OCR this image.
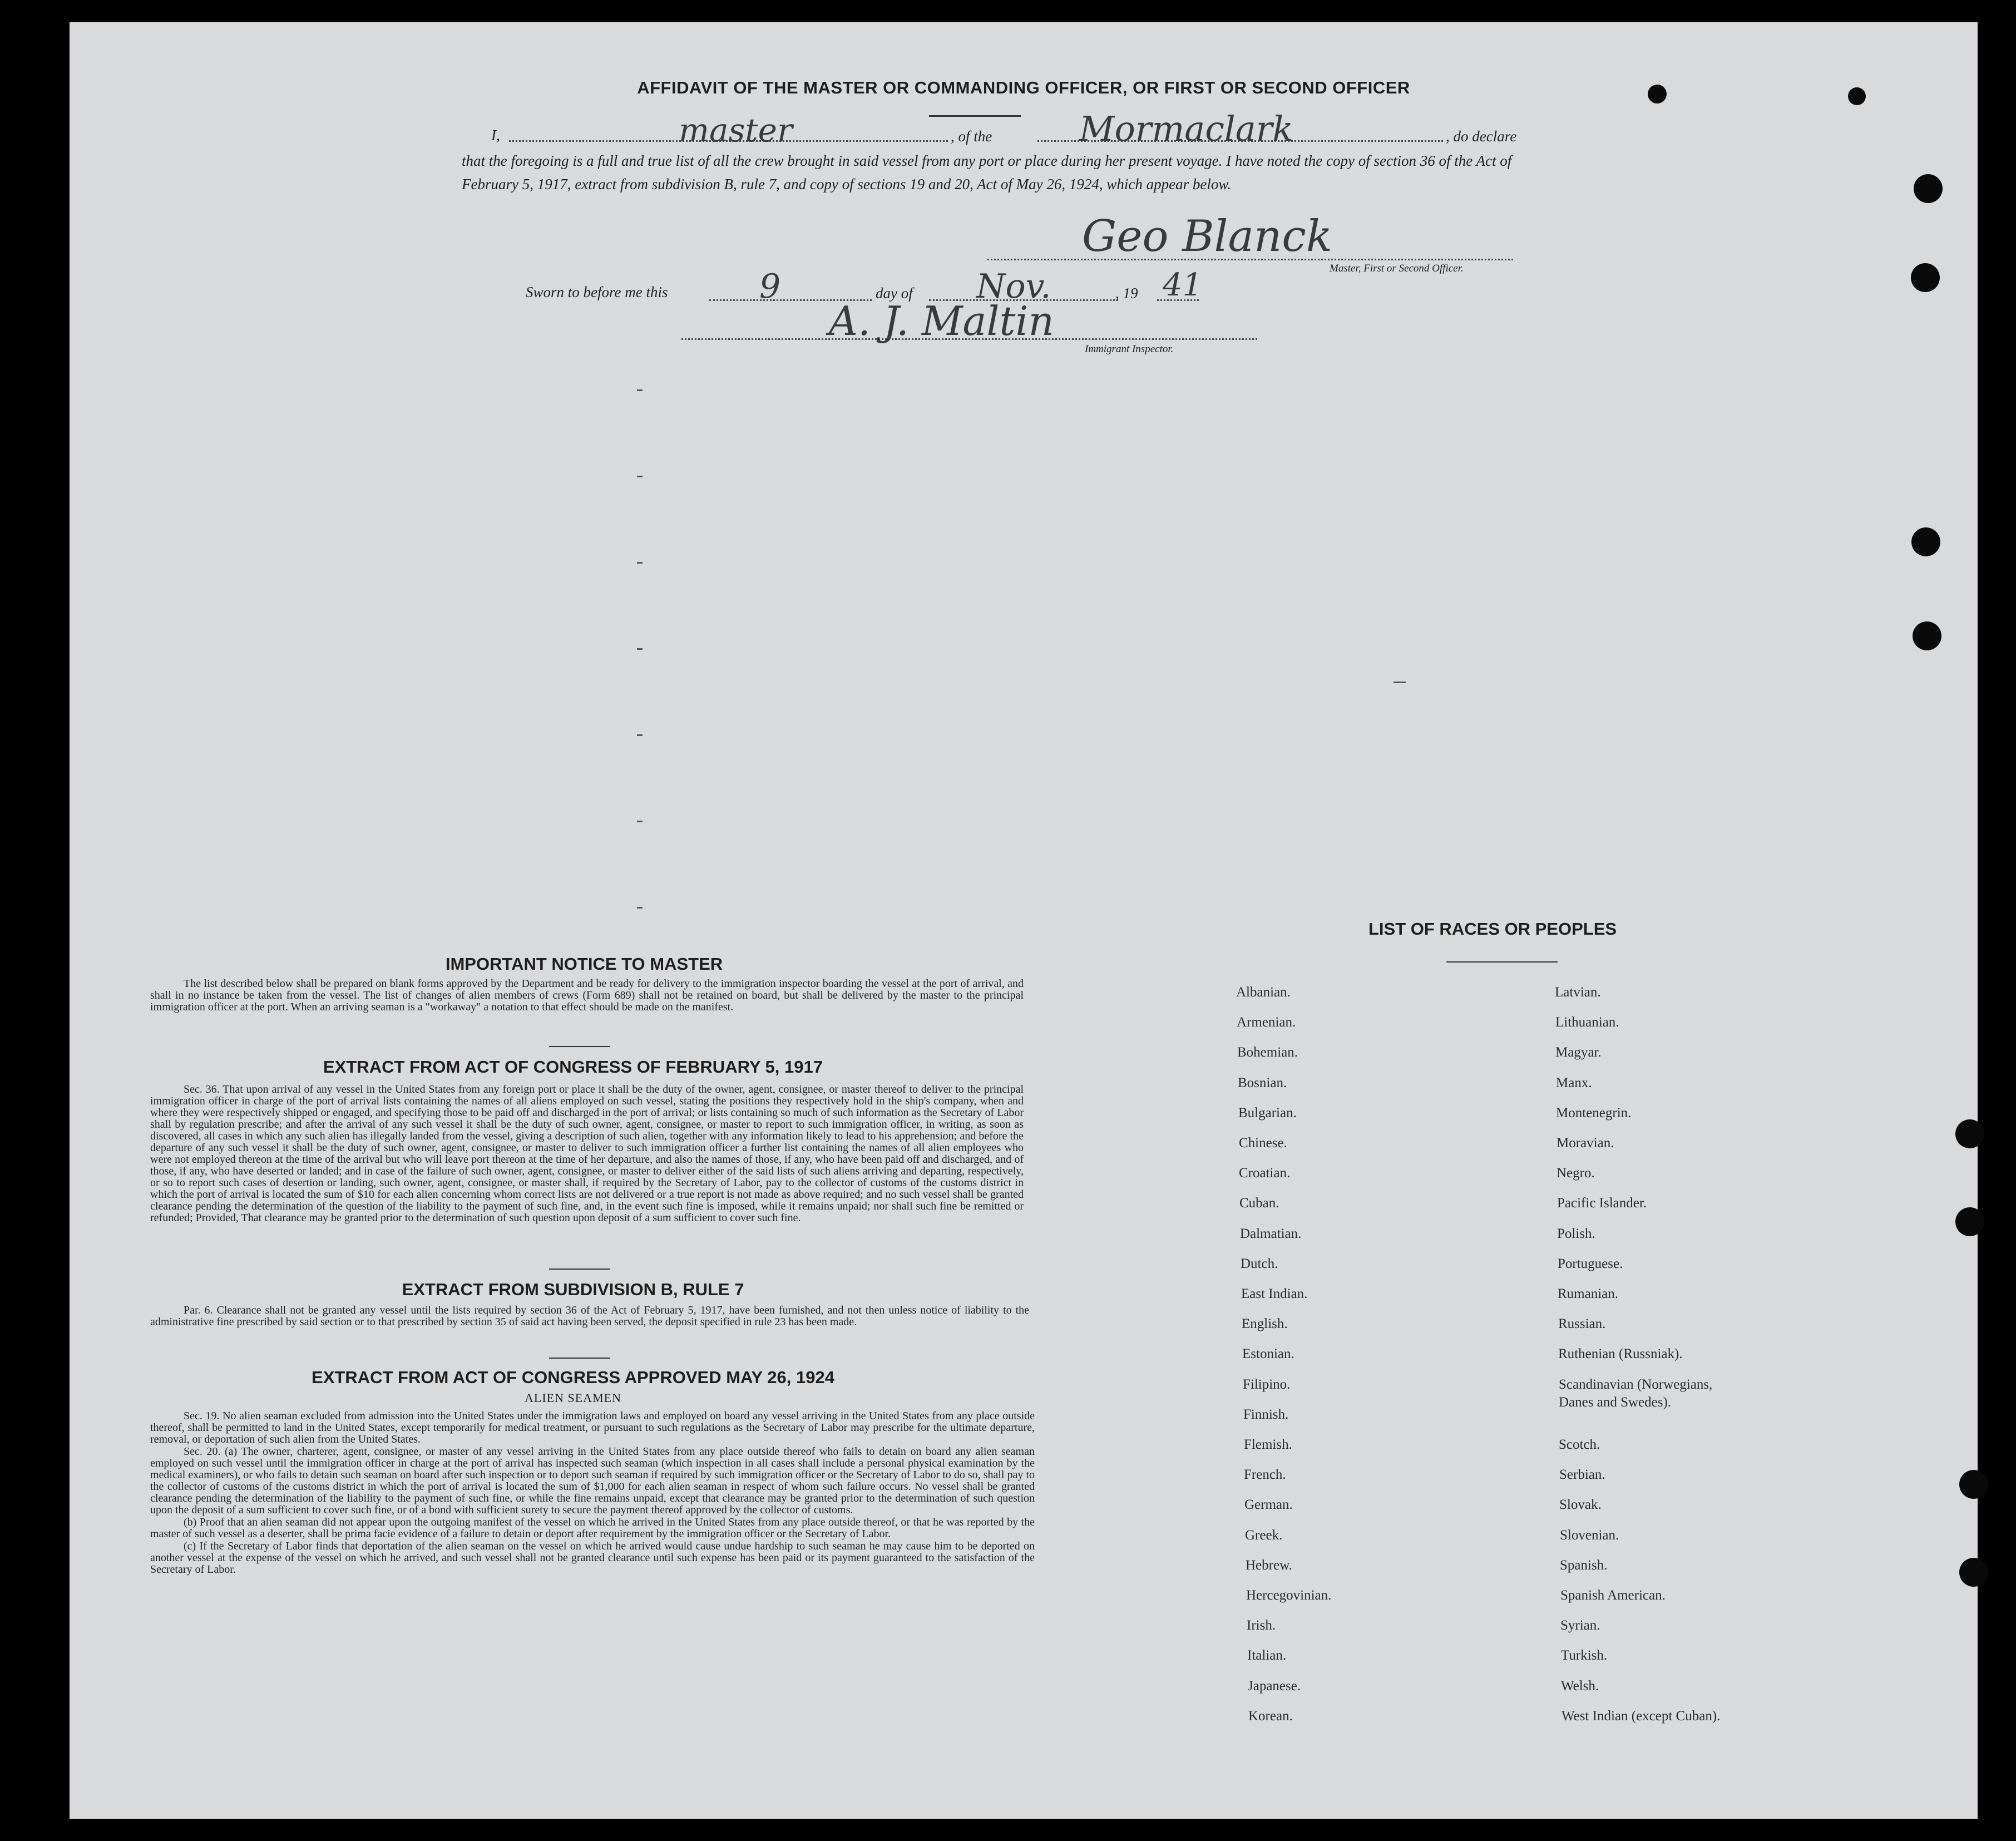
AFFIDAVIT OF THE MASTER OR COMMANDING OFFICER, OR FIRST OR SECOND OFFICER
I,	master	, of the	Mormaclark	, do declare
that the foregoing is a full and true list of all the crew brought in said vessel from any port or place during her present voyage. I have noted the copy of section 36 of the Act of February 5, 1917, extract from subdivision B, rule 7, and copy of sections 19 and 20, Act of May 26, 1924, which appear below.
Geo Blanck
Master, First or Second Officer.
Sworn to before me this	9	day of Nov.	, 19 41
A. J. Maltin
Immigrant Inspector.
IMPORTANT NOTICE TO MASTER

The list described below shall be prepared on blank forms approved by the Department and be ready for delivery to the immigration inspector boarding the vessel at the port of arrival, and shall in no instance be taken from the vessel. The list of changes of alien members of crews (Form 689) shall not be retained on board, but shall be delivered by the master to the principal immigration officer at the port. When an arriving seaman is a "workaway" a notation to that effect should be made on the manifest.

EXTRACT FROM ACT OF CONGRESS OF FEBRUARY 5, 1917

Sec. 36. That upon arrival of any vessel in the United States from any foreign port or place it shall be the duty of the owner, agent, consignee, or master thereof to deliver to the principal immigration officer in charge of the port of arrival lists containing the names of all aliens employed on such vessel, stating the positions they respectively hold in the ship's company, when and where they were respectively shipped or engaged, and specifying those to be paid off and discharged in the port of arrival; or lists containing so much of such information as the Secretary of Labor shall by regulation prescribe; and after the arrival of any such vessel it shall be the duty of such owner, agent, consignee, or master to report to such immigration officer, in writing, as soon as discovered, all cases in which any such alien has illegally landed from the vessel, giving a description of such alien, together with any information likely to lead to his apprehension; and before the departure of any such vessel it shall be the duty of such owner, agent, consignee, or master to deliver to such immigration officer a further list containing the names of all alien employees who were not employed thereon at the time of the arrival but who will leave port thereon at the time of her departure, and also the names of those, if any, who have been paid off and discharged, and of those, if any, who have deserted or landed; and in case of the failure of such owner, agent, consignee, or master to deliver either of the said lists of such aliens arriving and departing, respectively, or so to report such cases of desertion or landing, such owner, agent, consignee, or master shall, if required by the Secretary of Labor, pay to the collector of customs of the customs district in which the port of arrival is located the sum of $10 for each alien concerning whom correct lists are not delivered or a true report is not made as above required; and no such vessel shall be granted clearance pending the determination of the question of the liability to the payment of such fine, and, in the event such fine is imposed, while it remains unpaid; nor shall such fine be remitted or refunded; Provided, That clearance may be granted prior to the determination of such question upon deposit of a sum sufficient to cover such fine.

EXTRACT FROM SUBDIVISION B, RULE 7

Par. 6. Clearance shall not be granted any vessel until the lists required by section 36 of the Act of February 5, 1917, have been furnished, and not then unless notice of liability to the administrative fine prescribed by said section or to that prescribed by section 35 of said act having been served, the deposit specified in rule 23 has been made.

EXTRACT FROM ACT OF CONGRESS APPROVED MAY 26, 1924
ALIEN SEAMEN

Sec. 19. No alien seaman excluded from admission into the United States under the immigration laws and employed on board any vessel arriving in the United States from any place outside thereof, shall be permitted to land in the United States, except temporarily for medical treatment, or pursuant to such regulations as the Secretary of Labor may prescribe for the ultimate departure, removal, or deportation of such alien from the United States.

Sec. 20. (a) The owner, charterer, agent, consignee, or master of any vessel arriving in the United States from any place outside thereof who fails to detain on board any alien seaman employed on such vessel until the immigration officer in charge at the port of arrival has inspected such seaman (which inspection in all cases shall include a personal physical examination by the medical examiners), or who fails to detain such seaman on board after such inspection or to deport such seaman if required by such immigration officer or the Secretary of Labor to do so, shall pay to the collector of customs of the customs district in which the port of arrival is located the sum of $1,000 for each alien seaman in respect of whom such failure occurs. No vessel shall be granted clearance pending the determination of the liability to the payment of such fine, or while the fine remains unpaid, except that clearance may be granted prior to the determination of such question upon the deposit of a sum sufficient to cover such fine, or of a bond with sufficient surety to secure the payment thereof approved by the collector of customs.

(b) Proof that an alien seaman did not appear upon the outgoing manifest of the vessel on which he arrived in the United States from any place outside thereof, or that he was reported by the master of such vessel as a deserter, shall be prima facie evidence of a failure to detain or deport after requirement by the immigration officer or the Secretary of Labor.

(c) If the Secretary of Labor finds that deportation of the alien seaman on the vessel on which he arrived would cause undue hardship to such seaman he may cause him to be deported on another vessel at the expense of the vessel on which he arrived, and such vessel shall not be granted clearance until such expense has been paid or its payment guaranteed to the satisfaction of the Secretary of Labor.

LIST OF RACES OR PEOPLES
Albanian.
Armenian.
Bohemian.
Bosnian.
Bulgarian.
Chinese.
Croatian.
Cuban.
Dalmatian.
Dutch.
East Indian.
English.
Estonian.
Filipino.
Finnish.
Flemish.
French.
German.
Greek.
Hebrew.
Hercegovinian.
Irish.
Italian.
Japanese.
Korean.
Latvian.
Lithuanian.
Magyar.
Manx.
Montenegrin.
Moravian.
Negro.
Pacific Islander.
Polish.
Portuguese.
Rumanian.
Russian.
Ruthenian (Russniak).
Scandinavian (Norwegians,
Danes and Swedes).
Scotch.
Serbian.
Slovak.
Slovenian.
Spanish.
Spanish American.
Syrian.
Turkish.
Welsh.
West Indian (except Cuban).
